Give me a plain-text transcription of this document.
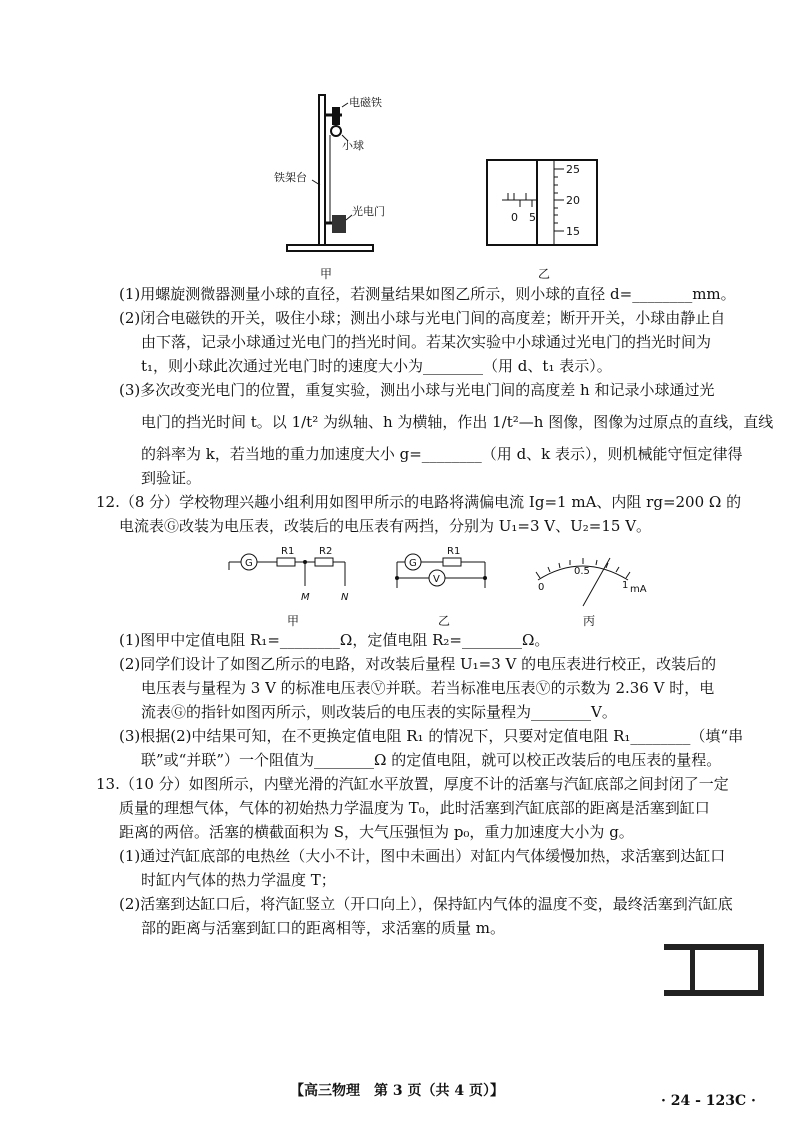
电磁铁
小球
铁架台
光电门
甲
0 5
25
20
15
乙
(1)用螺旋测微器测量小球的直径，若测量结果如图乙所示，则小球的直径 d=________mm。
(2)闭合电磁铁的开关，吸住小球；测出小球与光电门间的高度差；断开开关，小球由静止自
由下落，记录小球通过光电门的挡光时间。若某次实验中小球通过光电门的挡光时间为
t₁，则小球此次通过光电门时的速度大小为________（用 d、t₁ 表示）。
(3)多次改变光电门的位置，重复实验，测出小球与光电门间的高度差 h 和记录小球通过光
电门的挡光时间 t。以 1/t² 为纵轴、h 为横轴，作出 1/t²—h 图像，图像为过原点的直线，直线
的斜率为 k，若当地的重力加速度大小 g=________（用 d、k 表示），则机械能守恒定律得
到验证。
12.（8 分）学校物理兴趣小组利用如图甲所示的电路将满偏电流 Ig=1 mA、内阻 rg=200 Ω 的
电流表Ⓖ改装为电压表，改装后的电压表有两挡，分别为 U₁=3 V、U₂=15 V。
G
R1 R2
M	N
甲
G
R1
V
乙
0
0.5
1 mA
丙
(1)图甲中定值电阻 R₁=________Ω，定值电阻 R₂=________Ω。
(2)同学们设计了如图乙所示的电路，对改装后量程 U₁=3 V 的电压表进行校正，改装后的
电压表与量程为 3 V 的标准电压表Ⓥ并联。若当标准电压表Ⓥ的示数为 2.36 V 时，电
流表Ⓖ的指针如图丙所示，则改装后的电压表的实际量程为________V。
(3)根据(2)中结果可知，在不更换定值电阻 R₁ 的情况下，只要对定值电阻 R₁________（填“串
联”或“并联”）一个阻值为________Ω 的定值电阻，就可以校正改装后的电压表的量程。
13.（10 分）如图所示，内壁光滑的汽缸水平放置，厚度不计的活塞与汽缸底部之间封闭了一定
质量的理想气体，气体的初始热力学温度为 T₀，此时活塞到汽缸底部的距离是活塞到缸口
距离的两倍。活塞的横截面积为 S，大气压强恒为 p₀，重力加速度大小为 g。
(1)通过汽缸底部的电热丝（大小不计，图中未画出）对缸内气体缓慢加热，求活塞到达缸口
时缸内气体的热力学温度 T；
(2)活塞到达缸口后，将汽缸竖立（开口向上），保持缸内气体的温度不变，最终活塞到汽缸底
部的距离与活塞到缸口的距离相等，求活塞的质量 m。
【高三物理　第 3 页（共 4 页）】
· 24 - 123C ·
